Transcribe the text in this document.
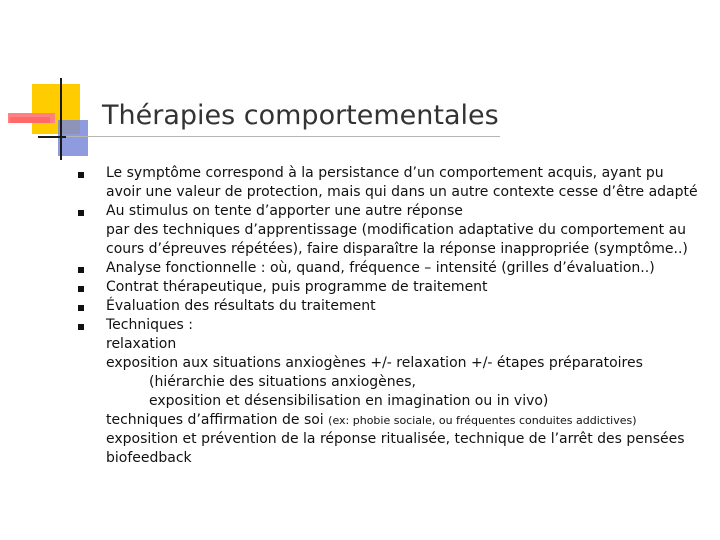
Thérapies comportementales
Le symptôme correspond à la persistance d’un comportement acquis, ayant pu
avoir une valeur de protection, mais qui dans un autre contexte cesse d’être adapté
Au stimulus on tente d’apporter une autre réponse
par des techniques d’apprentissage (modification adaptative du comportement au
cours d’épreuves répétées), faire disparaître la réponse inappropriée (symptôme..)
Analyse fonctionnelle : où, quand, fréquence – intensité (grilles d’évaluation..)
Contrat thérapeutique, puis programme de traitement
Évaluation des résultats du traitement
Techniques :
relaxation
exposition aux situations anxiogènes +/- relaxation +/- étapes préparatoires
(hiérarchie des situations anxiogènes,
exposition et désensibilisation en imagination ou in vivo)
techniques d’affirmation de soi (ex: phobie sociale, ou fréquentes conduites addictives)
exposition et prévention de la réponse ritualisée, technique de l’arrêt des pensées
biofeedback
